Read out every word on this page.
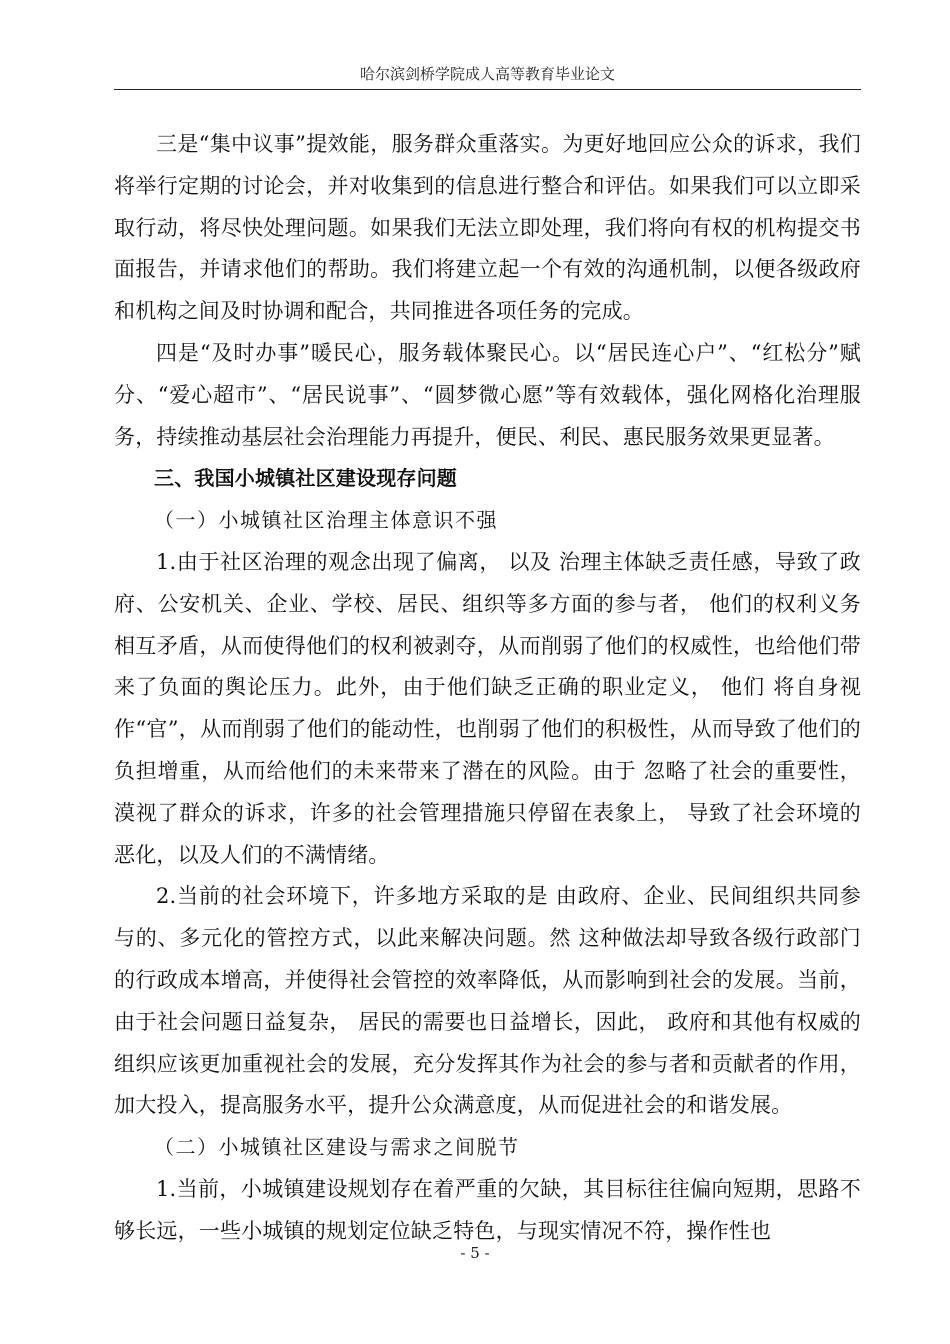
哈尔滨剑桥学院成人高等教育毕业论文

三是“集中议事”提效能，服务群众重落实。为更好地回应公众的诉求，我们将举行定期的讨论会，并对收集到的信息进行整合和评估。如果我们可以立即采取行动，将尽快处理问题。如果我们无法立即处理，我们将向有权的机构提交书面报告，并请求他们的帮助。我们将建立起一个有效的沟通机制，以便各级政府和机构之间及时协调和配合，共同推进各项任务的完成。

四是“及时办事”暖民心，服务载体聚民心。以“居民连心户”、“红松分”赋分、“爱心超市”、“居民说事”、“圆梦微心愿”等有效载体，强化网格化治理服务，持续推动基层社会治理能力再提升，便民、利民、惠民服务效果更显著。

三、我国小城镇社区建设现存问题

（一）小城镇社区治理主体意识不强

1.由于社区治理的观念出现了偏离， 以及 治理主体缺乏责任感，导致了政府、公安机关、企业、学校、居民、组织等多方面的参与者， 他们的权利义务相互矛盾，从而使得他们的权利被剥夺，从而削弱了他们的权威性，也给他们带来了负面的舆论压力。此外，由于他们缺乏正确的职业定义， 他们 将自身视作“官”，从而削弱了他们的能动性，也削弱了他们的积极性，从而导致了他们的负担增重，从而给他们的未来带来了潜在的风险。由于 忽略了社会的重要性， 漠视了群众的诉求，许多的社会管理措施只停留在表象上， 导致了社会环境的恶化，以及人们的不满情绪。

2.当前的社会环境下，许多地方采取的是 由政府、企业、民间组织共同参与的、多元化的管控方式，以此来解决问题。然 这种做法却导致各级行政部门的行政成本增高，并使得社会管控的效率降低，从而影响到社会的发展。当前，由于社会问题日益复杂， 居民的需要也日益增长，因此， 政府和其他有权威的组织应该更加重视社会的发展，充分发挥其作为社会的参与者和贡献者的作用，加大投入，提高服务水平，提升公众满意度，从而促进社会的和谐发展。

（二）小城镇社区建设与需求之间脱节

1.当前，小城镇建设规划存在着严重的欠缺，其目标往往偏向短期，思路不够长远，一些小城镇的规划定位缺乏特色，与现实情况不符，操作性也

- 5 -
